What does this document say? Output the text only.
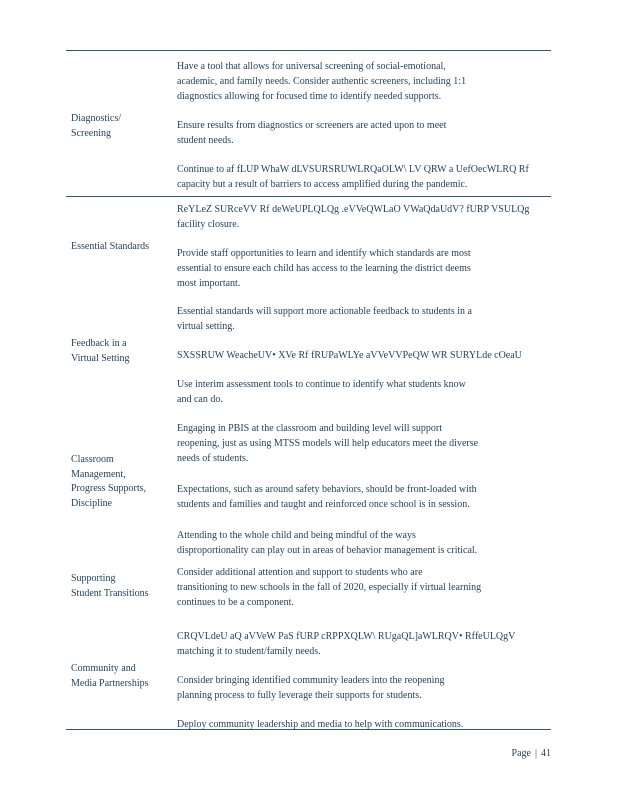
Diagnostics/
Screening
Have a tool that allows for universal screening of social-emotional,
academic, and family needs. Consider authentic screeners, including 1:1
diagnostics allowing for focused time to identify needed supports.
Ensure results from diagnostics or screeners are acted upon to meet
student needs.
Continue to af fLUP WhaW dLVSURSRUWLRQaOLW\ LV QRW a UefOecWLRQ Rf
capacity but a result of barriers to access amplified during the pandemic.
Essential Standards
ReYLeZ SURceVV Rf deWeUPLQLQg .eVVeQWLaO VWaQdaUdV? fURP VSULQg
facility closure.
Provide staff opportunities to learn and identify which standards are most
essential to ensure each child has access to the learning the district deems
most important.
Feedback in a
Virtual Setting
Essential standards will support more actionable feedback to students in a
virtual setting.
SXSSRUW WeacheUV• XVe Rf fRUPaWLYe aVVeVVPeQW WR SURYLde cOeaU
Use interim assessment tools to continue to identify what students know
and can do.
Classroom
Management,
Progress Supports,
Discipline
Engaging in PBIS at the classroom and building level will support
reopening, just as using MTSS models will help educators meet the diverse
needs of students.
Expectations, such as around safety behaviors, should be front-loaded with
students and families and taught and reinforced once school is in session.
Attending to the whole child and being mindful of the ways
disproportionality can play out in areas of behavior management is critical.
Supporting
Student Transitions
Consider additional attention and support to students who are
transitioning to new schools in the fall of 2020, especially if virtual learning
continues to be a component.
Community and
Media Partnerships
CRQVLdeU aQ aVVeW PaS fURP cRPPXQLW\ RUgaQL]aWLRQV• RffeULQgV
matching it to student/family needs.
Consider bringing identified community leaders into the reopening
planning process to fully leverage their supports for students.
Deploy community leadership and media to help with communications.
Page | 41
